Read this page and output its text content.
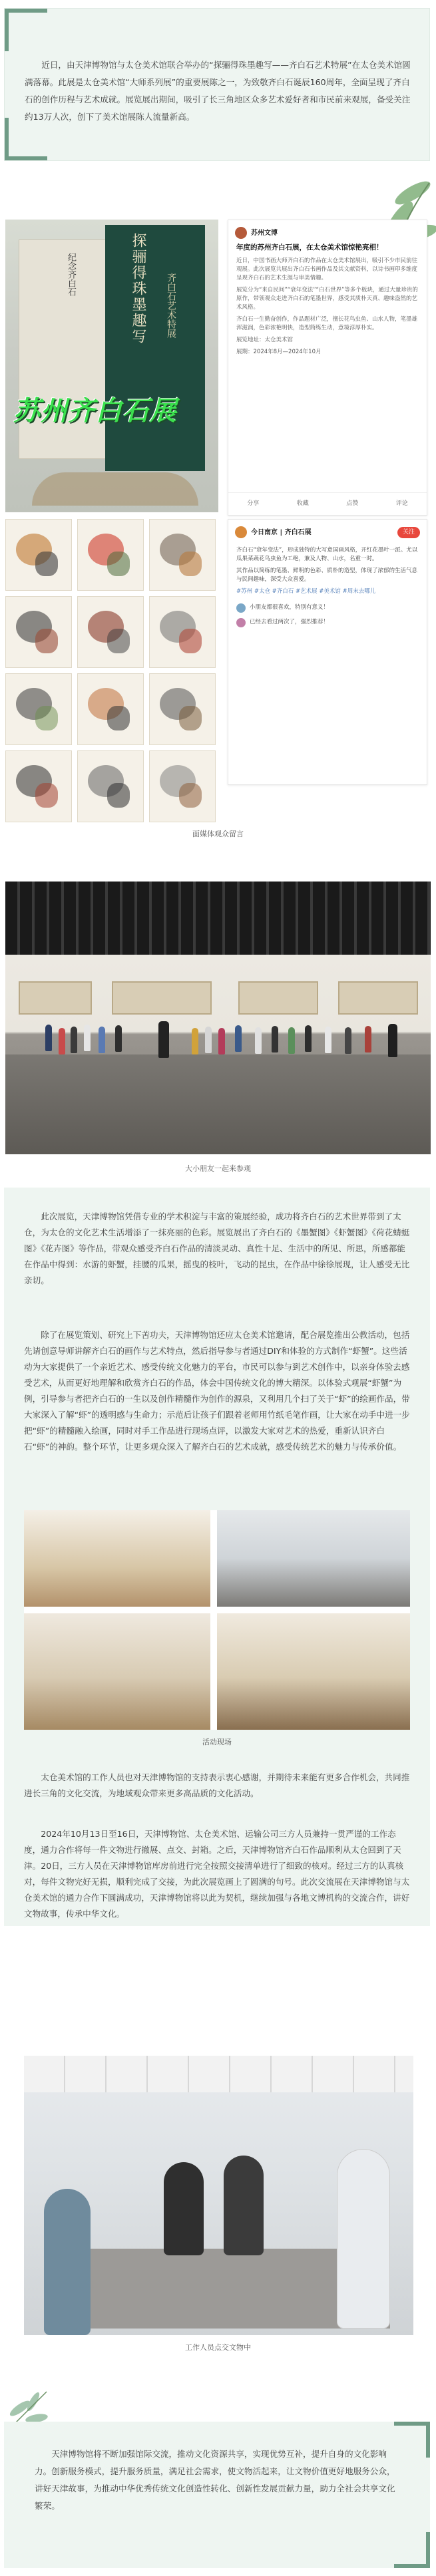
近日，由天津博物馆与太仓美术馆联合举办的“探骊得珠墨趣写——齐白石艺术特展”在太仓美术馆圆满落幕。此展是太仓美术馆“大师系列展”的重要展陈之一，为致敬齐白石诞辰160周年，全面呈现了齐白石的创作历程与艺术成就。展览展出期间，吸引了长三角地区众多艺术爱好者和市民前来观展，备受关注约13万人次，创下了美术馆展陈人流量新高。

纪念齐白石	探骊得珠墨趣写	齐白石艺术特展
苏州齐白石展
苏州文博
年度的苏州齐白石展，在太仓美术馆惊艳亮相！

近日，中国书画大师齐白石的作品在太仓美术馆展出，吸引不少市民前往观展。此次展览共展出齐白石书画作品及其文献资料，以诗书画印多维度呈现齐白石的艺术生涯与审美情趣。

展览分为“来自民间”“衰年变法”“白石世界”等多个板块，通过大量珍贵的原作，带领观众走进齐白石的笔墨世界，感受其质朴天真、趣味盎然的艺术风格。

齐白石一生勤奋创作，作品题材广泛，擅长花鸟虫鱼、山水人物，笔墨雄浑滋润，色彩浓艳明快，造型简练生动，意境淳厚朴实。

展览地址：太仓美术馆

展期：2024年8月—2024年10月

分享	收藏	点赞	评论
今日南京 | 齐白石展	关注

齐白石“衰年变法”，形成独特的大写意国画风格，开红花墨叶一派。尤以瓜果菜蔬花鸟虫鱼为工绝，兼及人物、山水，名重一时。

其作品以简练的笔墨、鲜明的色彩、质朴的造型，体现了浓郁的生活气息与民间趣味，深受大众喜爱。

#苏州 #太仓 #齐白石 #艺术展 #美术馆 #周末去哪儿

小朋友都很喜欢，特别有意义！
已经去看过两次了，强烈推荐！
面媒体观众留言
大小朋友一起来参观

此次展览，天津博物馆凭借专业的学术积淀与丰富的策展经验，成功将齐白石的艺术世界带到了太仓，为太仓的文化艺术生活增添了一抹亮丽的色彩。展览展出了齐白石的《墨蟹图》《虾蟹图》《荷花蜻蜓图》《花卉图》等作品，带观众感受齐白石作品的清淡灵动、真性十足、生活中的所见、所思，所感都能在作品中得到：水游的虾蟹，挂腰的瓜果，摇曳的枝叶，飞动的昆虫，在作品中徐徐展现，让人感受无比亲切。

除了在展览策划、研究上下苦功夫，天津博物馆还应太仓美术馆邀请，配合展览推出公教活动，包括先请创意导师讲解齐白石的画作与艺术特点，然后指导参与者通过DIY和体验的方式制作“虾蟹”。这些活动为大家提供了一个亲近艺术、感受传统文化魅力的平台，市民可以参与到艺术创作中，以亲身体验去感受艺术，从而更好地理解和欣赏齐白石的作品，体会中国传统文化的博大精深。以体验式观展“虾蟹”为例，引导参与者把齐白石的一生以及创作精髓作为创作的源泉，又利用几个扫了关于“虾”的绘画作品，带大家深入了解“虾”的透明感与生命力；示范后让孩子们跟着老师用竹纸毛笔作画，让大家在动手中进一步把“虾”的精髓融入绘画，同时对手工作品进行现场点评，以激发大家对艺术的热爱，重新认识齐白石“虾”的神韵。整个环节，让更多观众深入了解齐白石的艺术成就，感受传统艺术的魅力与传承价值。

活动现场

太仓美术馆的工作人员也对天津博物馆的支持表示衷心感谢，并期待未来能有更多合作机会，共同推进长三角的文化交流，为地域观众带来更多高品质的文化活动。

2024年10月13日至16日，天津博物馆、太仓美术馆、运输公司三方人员兼持一贯严谨的工作态度，通力合作将每一件文物进行撤展、点交、封箱。之后，天津博物馆齐白石作品顺利从太仓回到了天津。20日，三方人员在天津博物馆库房前进行完全按照交接清单进行了细致的核对。经过三方的认真核对，每件文物完好无损，顺利完成了交接，为此次展览画上了圆满的句号。此次交流展在天津博物馆与太仓美术馆的通力合作下圆满成功，天津博物馆将以此为契机，继续加强与各地文博机构的交流合作，讲好文物故事，传承中华文化。

工作人员点交文物中

天津博物馆将不断加强馆际交流，推动文化资源共享，实现优势互补，提升自身的文化影响力。创新服务模式，提升服务质量，满足社会需求，使文物活起来，让文物价值更好地服务公众，讲好天津故事，为推动中华优秀传统文化创造性转化、创新性发展贡献力量，助力全社会共享文化繁荣。
